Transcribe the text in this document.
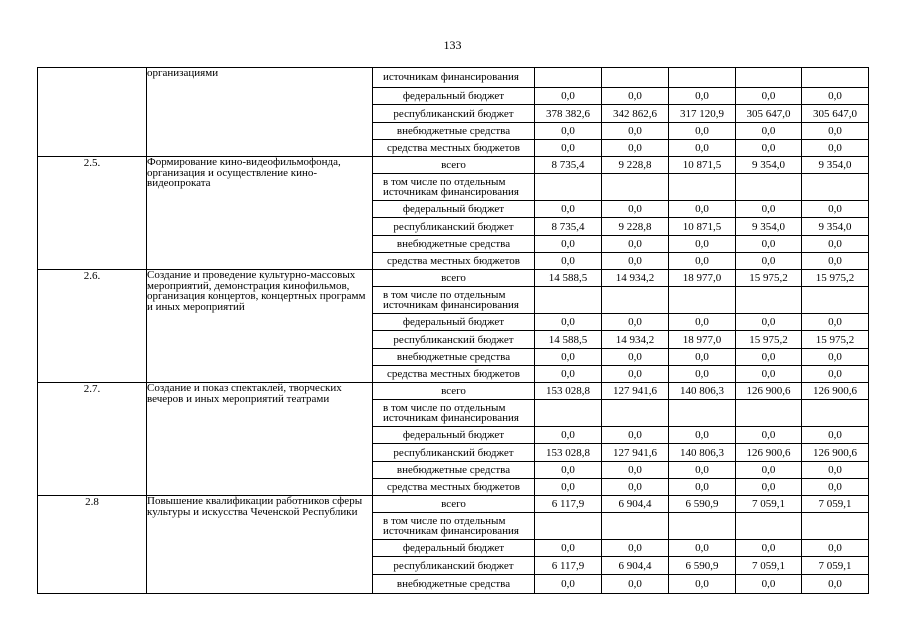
133
	организациями	источникам финансирования					
		федеральный бюджет	0,0	0,0	0,0	0,0	0,0
		республиканский бюджет	378 382,6	342 862,6	317 120,9	305 647,0	305 647,0
		внебюджетные средства	0,0	0,0	0,0	0,0	0,0
		средства местных бюджетов	0,0	0,0	0,0	0,0	0,0
2.5.	Формирование кино-видеофильмофонда, организация и осуществление кино-видеопроката	всего	8 735,4	9 228,8	10 871,5	9 354,0	9 354,0
		в том числе по отдельным источникам финансирования					
		федеральный бюджет	0,0	0,0	0,0	0,0	0,0
		республиканский бюджет	8 735,4	9 228,8	10 871,5	9 354,0	9 354,0
		внебюджетные средства	0,0	0,0	0,0	0,0	0,0
		средства местных бюджетов	0,0	0,0	0,0	0,0	0,0
2.6.	Создание и проведение культурно-массовых мероприятий, демонстрация кинофильмов, организация концертов, концертных программ и иных мероприятий	всего	14 588,5	14 934,2	18 977,0	15 975,2	15 975,2
		в том числе по отдельным источникам финансирования					
		федеральный бюджет	0,0	0,0	0,0	0,0	0,0
		республиканский бюджет	14 588,5	14 934,2	18 977,0	15 975,2	15 975,2
		внебюджетные средства	0,0	0,0	0,0	0,0	0,0
		средства местных бюджетов	0,0	0,0	0,0	0,0	0,0
2.7.	Создание и показ спектаклей, творческих вечеров и иных мероприятий театрами	всего	153 028,8	127 941,6	140 806,3	126 900,6	126 900,6
		в том числе по отдельным источникам финансирования					
		федеральный бюджет	0,0	0,0	0,0	0,0	0,0
		республиканский бюджет	153 028,8	127 941,6	140 806,3	126 900,6	126 900,6
		внебюджетные средства	0,0	0,0	0,0	0,0	0,0
		средства местных бюджетов	0,0	0,0	0,0	0,0	0,0
2.8	Повышение квалификации работников сферы культуры и искусства Чеченской Республики	всего	6 117,9	6 904,4	6 590,9	7 059,1	7 059,1
		в том числе по отдельным источникам финансирования					
		федеральный бюджет	0,0	0,0	0,0	0,0	0,0
		республиканский бюджет	6 117,9	6 904,4	6 590,9	7 059,1	7 059,1
		внебюджетные средства	0,0	0,0	0,0	0,0	0,0
